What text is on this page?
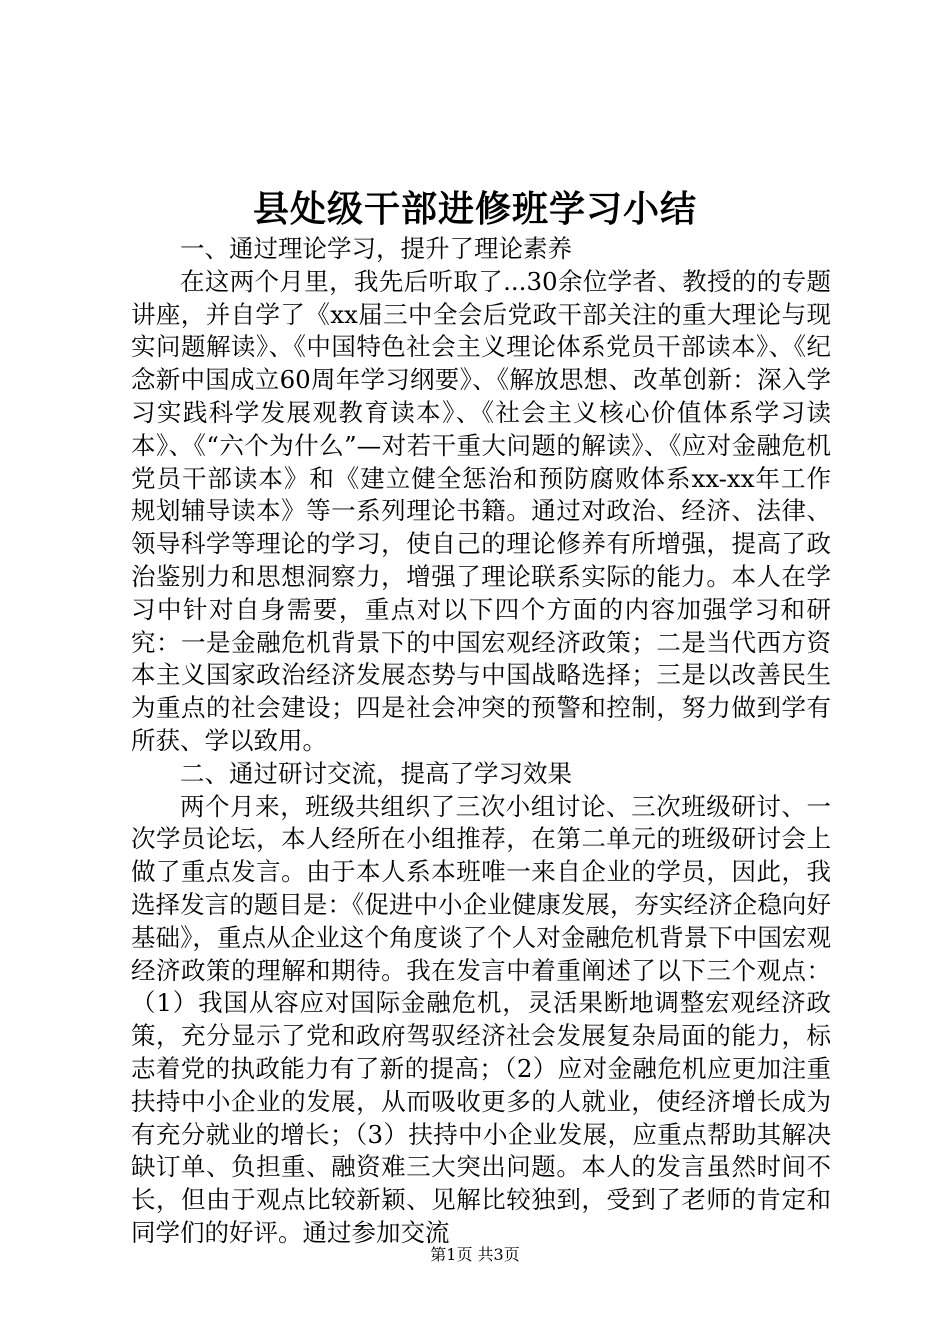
县处级干部进修班学习小结

一、通过理论学习，提升了理论素养

在这两个月里，我先后听取了...30余位学者、教授的的专题讲座，并自学了《xx届三中全会后党政干部关注的重大理论与现实问题解读》、《中国特色社会主义理论体系党员干部读本》、《纪念新中国成立60周年学习纲要》、《解放思想、改革创新：深入学习实践科学发展观教育读本》、《社会主义核心价值体系学习读本》、《“六个为什么”—对若干重大问题的解读》、《应对金融危机党员干部读本》和《建立健全惩治和预防腐败体系xx-xx年工作规划辅导读本》等一系列理论书籍。通过对政治、经济、法律、领导科学等理论的学习，使自己的理论修养有所增强，提高了政治鉴别力和思想洞察力，增强了理论联系实际的能力。本人在学习中针对自身需要，重点对以下四个方面的内容加强学习和研究：一是金融危机背景下的中国宏观经济政策；二是当代西方资本主义国家政治经济发展态势与中国战略选择；三是以改善民生为重点的社会建设；四是社会冲突的预警和控制，努力做到学有所获、学以致用。

二、通过研讨交流，提高了学习效果

两个月来，班级共组织了三次小组讨论、三次班级研讨、一次学员论坛，本人经所在小组推荐，在第二单元的班级研讨会上做了重点发言。由于本人系本班唯一来自企业的学员，因此，我选择发言的题目是：《促进中小企业健康发展，夯实经济企稳向好基础》，重点从企业这个角度谈了个人对金融危机背景下中国宏观经济政策的理解和期待。我在发言中着重阐述了以下三个观点：（1）我国从容应对国际金融危机，灵活果断地调整宏观经济政策，充分显示了党和政府驾驭经济社会发展复杂局面的能力，标志着党的执政能力有了新的提高；（2）应对金融危机应更加注重扶持中小企业的发展，从而吸收更多的人就业，使经济增长成为有充分就业的增长；（3）扶持中小企业发展，应重点帮助其解决缺订单、负担重、融资难三大突出问题。本人的发言虽然时间不长，但由于观点比较新颖、见解比较独到，受到了老师的肯定和同学们的好评。通过参加交流

第1页 共3页
